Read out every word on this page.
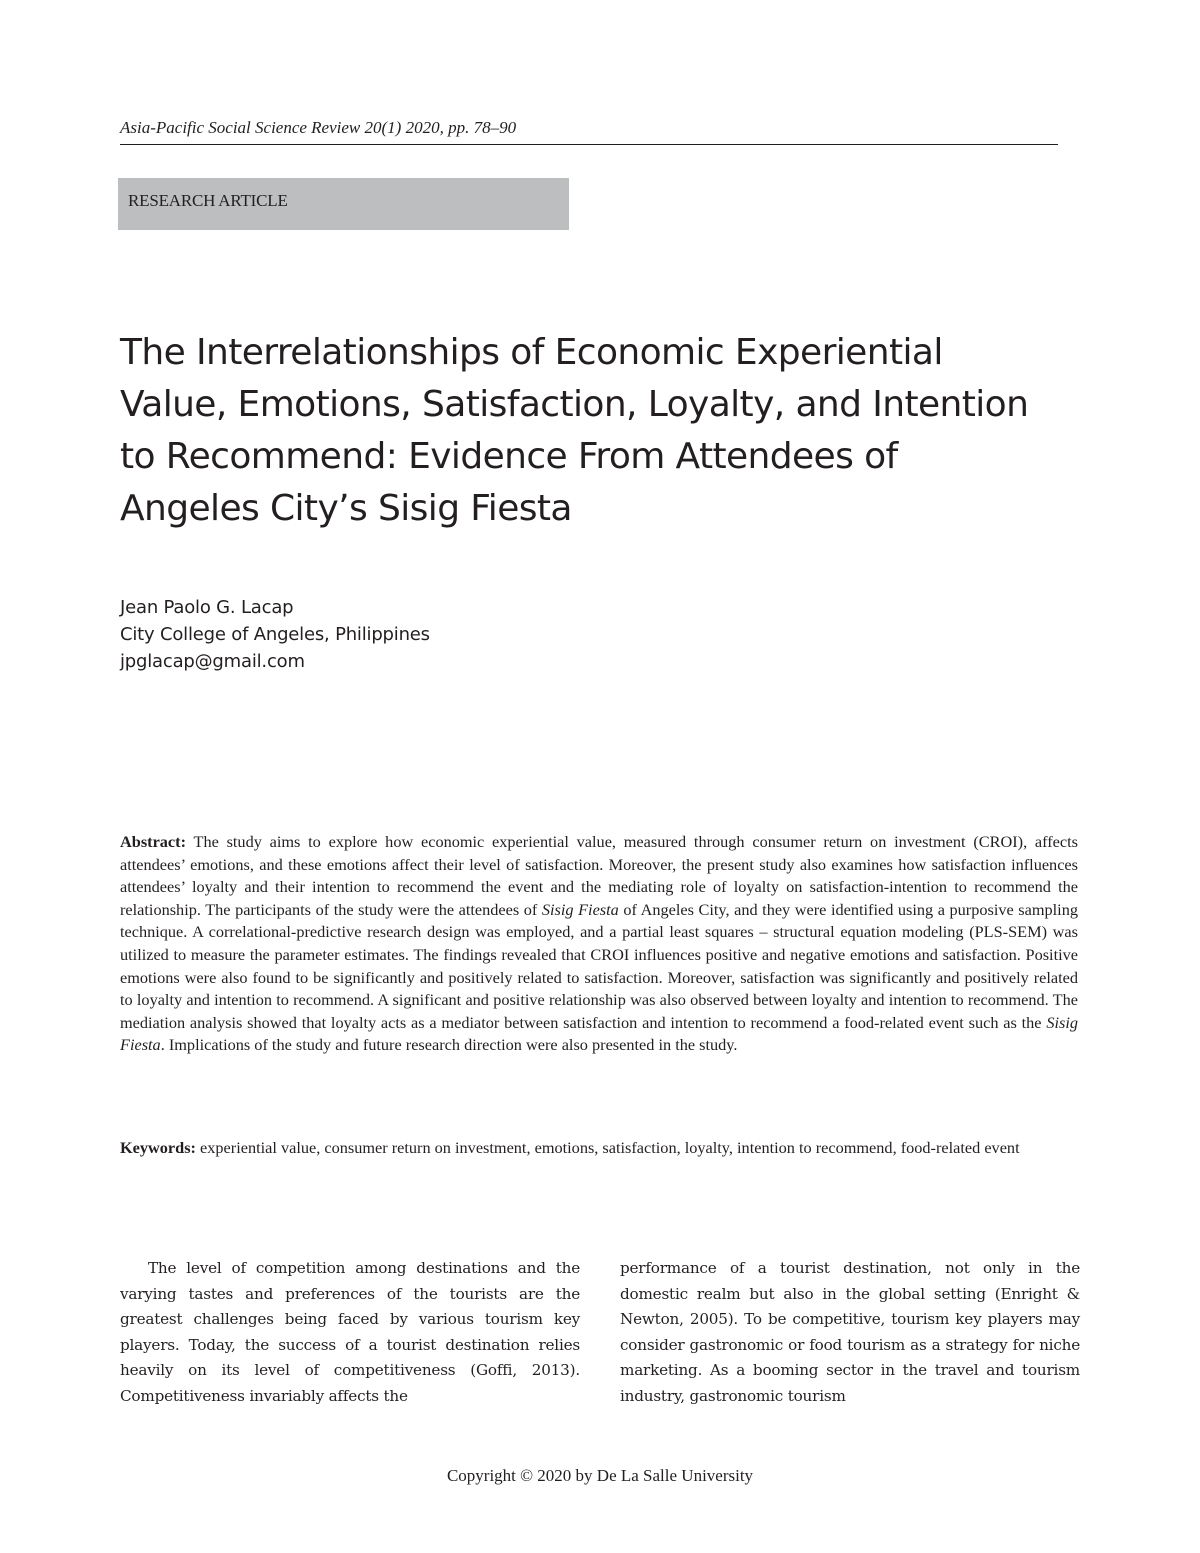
Asia-Pacific Social Science Review 20(1) 2020, pp. 78–90
RESEARCH ARTICLE
The Interrelationships of Economic Experiential
Value, Emotions, Satisfaction, Loyalty, and Intention
to Recommend: Evidence From Attendees of
Angeles City’s Sisig Fiesta
Jean Paolo G. Lacap
City College of Angeles, Philippines
jpglacap@gmail.com

Abstract: The study aims to explore how economic experiential value, measured through consumer return on investment (CROI), affects attendees’ emotions, and these emotions affect their level of satisfaction. Moreover, the present study also examines how satisfaction influences attendees’ loyalty and their intention to recommend the event and the mediating role of loyalty on satisfaction-intention to recommend the relationship. The participants of the study were the attendees of Sisig Fiesta of Angeles City, and they were identified using a purposive sampling technique. A correlational-predictive research design was employed, and a partial least squares – structural equation modeling (PLS-SEM) was utilized to measure the parameter estimates. The findings revealed that CROI influences positive and negative emotions and satisfaction. Positive emotions were also found to be significantly and positively related to satisfaction. Moreover, satisfaction was significantly and positively related to loyalty and intention to recommend. A significant and positive relationship was also observed between loyalty and intention to recommend. The mediation analysis showed that loyalty acts as a mediator between satisfaction and intention to recommend a food-related event such as the Sisig Fiesta. Implications of the study and future research direction were also presented in the study.

Keywords: experiential value, consumer return on investment, emotions, satisfaction, loyalty, intention to recommend, food-related event

The level of competition among destinations and the varying tastes and preferences of the tourists are the greatest challenges being faced by various tourism key players. Today, the success of a tourist destination relies heavily on its level of competitiveness (Goffi, 2013). Competitiveness invariably affects the

performance of a tourist destination, not only in the domestic realm but also in the global setting (Enright & Newton, 2005). To be competitive, tourism key players may consider gastronomic or food tourism as a strategy for niche marketing. As a booming sector in the travel and tourism industry, gastronomic tourism

Copyright © 2020 by De La Salle University
